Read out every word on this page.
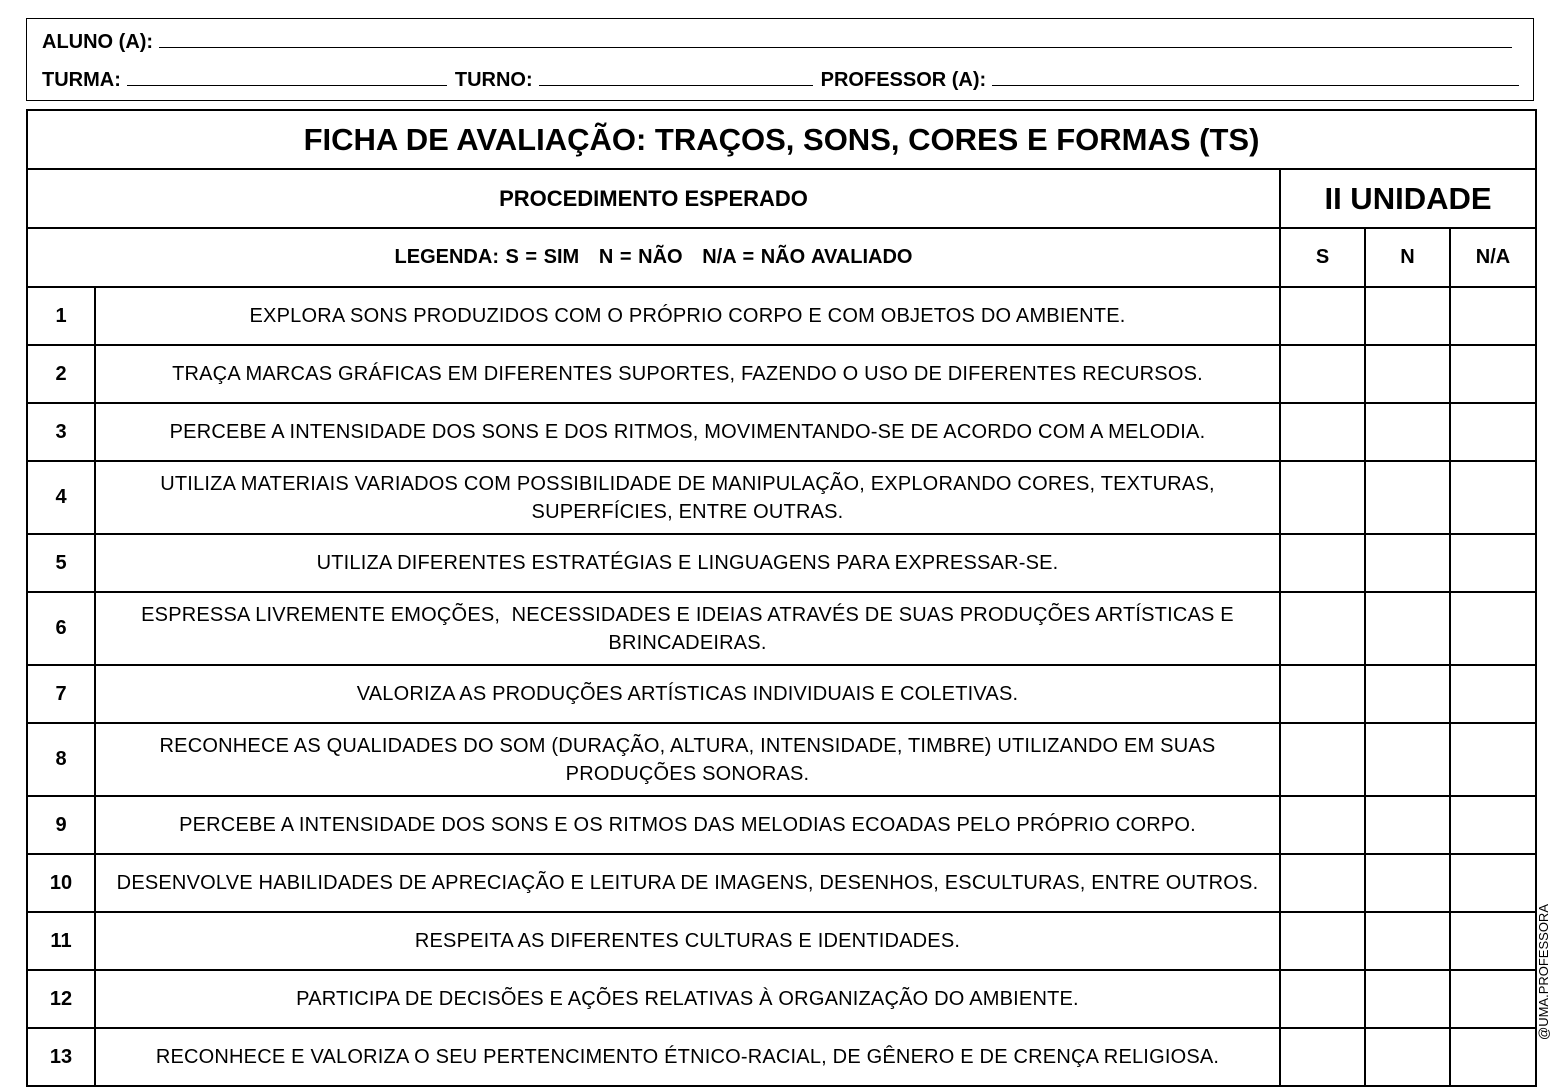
ALUNO (A):
TURMA:	TURNO:	PROFESSOR (A):
FICHA DE AVALIAÇÃO: TRAÇOS, SONS, CORES E FORMAS (TS)				
PROCEDIMENTO ESPERADO		II UNIDADE		
LEGENDA: S = SIM   N = NÃO   N/A = NÃO AVALIADO		S	N	N/A
1	EXPLORA SONS PRODUZIDOS COM O PRÓPRIO CORPO E COM OBJETOS DO AMBIENTE.			
2	TRAÇA MARCAS GRÁFICAS EM DIFERENTES SUPORTES, FAZENDO O USO DE DIFERENTES RECURSOS.			
3	PERCEBE A INTENSIDADE DOS SONS E DOS RITMOS, MOVIMENTANDO-SE DE ACORDO COM A MELODIA.			
4	UTILIZA MATERIAIS VARIADOS COM POSSIBILIDADE DE MANIPULAÇÃO, EXPLORANDO CORES, TEXTURAS, SUPERFÍCIES, ENTRE OUTRAS.			
5	UTILIZA DIFERENTES ESTRATÉGIAS E LINGUAGENS PARA EXPRESSAR-SE.			
6	ESPRESSA LIVREMENTE EMOÇÕES,  NECESSIDADES E IDEIAS ATRAVÉS DE SUAS PRODUÇÕES ARTÍSTICAS E BRINCADEIRAS.			
7	VALORIZA AS PRODUÇÕES ARTÍSTICAS INDIVIDUAIS E COLETIVAS.			
8	RECONHECE AS QUALIDADES DO SOM (DURAÇÃO, ALTURA, INTENSIDADE, TIMBRE) UTILIZANDO EM SUAS PRODUÇÕES SONORAS.			
9	PERCEBE A INTENSIDADE DOS SONS E OS RITMOS DAS MELODIAS ECOADAS PELO PRÓPRIO CORPO.			
10	DESENVOLVE HABILIDADES DE APRECIAÇÃO E LEITURA DE IMAGENS, DESENHOS, ESCULTURAS, ENTRE OUTROS.			
11	RESPEITA AS DIFERENTES CULTURAS E IDENTIDADES.			
12	PARTICIPA DE DECISÕES E AÇÕES RELATIVAS À ORGANIZAÇÃO DO AMBIENTE.			
13	RECONHECE E VALORIZA O SEU PERTENCIMENTO ÉTNICO-RACIAL, DE GÊNERO E DE CRENÇA RELIGIOSA.			
@UMA.PROFESSORA
